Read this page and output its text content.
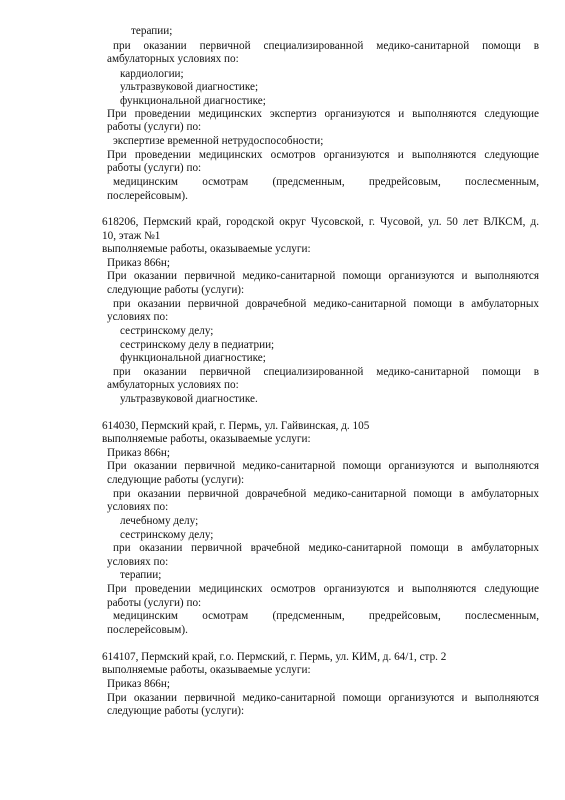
терапии;
при оказании первичной специализированной медико-санитарной помощи в
амбулаторных условиях по:
кардиологии;
ультразвуковой диагностике;
функциональной диагностике;
При проведении медицинских экспертиз организуются и выполняются следующие
работы (услуги) по:
экспертизе временной нетрудоспособности;
При проведении медицинских осмотров организуются и выполняются следующие
работы (услуги) по:
медицинским осмотрам (предсменным, предрейсовым, послесменным,
послерейсовым).
618206, Пермский край, городской округ Чусовской, г. Чусовой, ул. 50 лет ВЛКСМ, д.
10, этаж №1
выполняемые работы, оказываемые услуги:
Приказ 866н;
При оказании первичной медико-санитарной помощи организуются и выполняются
следующие работы (услуги):
при оказании первичной доврачебной медико-санитарной помощи в амбулаторных
условиях по:
сестринскому делу;
сестринскому делу в педиатрии;
функциональной диагностике;
при оказании первичной специализированной медико-санитарной помощи в
амбулаторных условиях по:
ультразвуковой диагностике.
614030, Пермский край, г. Пермь, ул. Гайвинская, д. 105
выполняемые работы, оказываемые услуги:
Приказ 866н;
При оказании первичной медико-санитарной помощи организуются и выполняются
следующие работы (услуги):
при оказании первичной доврачебной медико-санитарной помощи в амбулаторных
условиях по:
лечебному делу;
сестринскому делу;
при оказании первичной врачебной медико-санитарной помощи в амбулаторных
условиях по:
терапии;
При проведении медицинских осмотров организуются и выполняются следующие
работы (услуги) по:
медицинским осмотрам (предсменным, предрейсовым, послесменным,
послерейсовым).
614107, Пермский край, г.о. Пермский, г. Пермь, ул. КИМ, д. 64/1, стр. 2
выполняемые работы, оказываемые услуги:
Приказ 866н;
При оказании первичной медико-санитарной помощи организуются и выполняются
следующие работы (услуги):
